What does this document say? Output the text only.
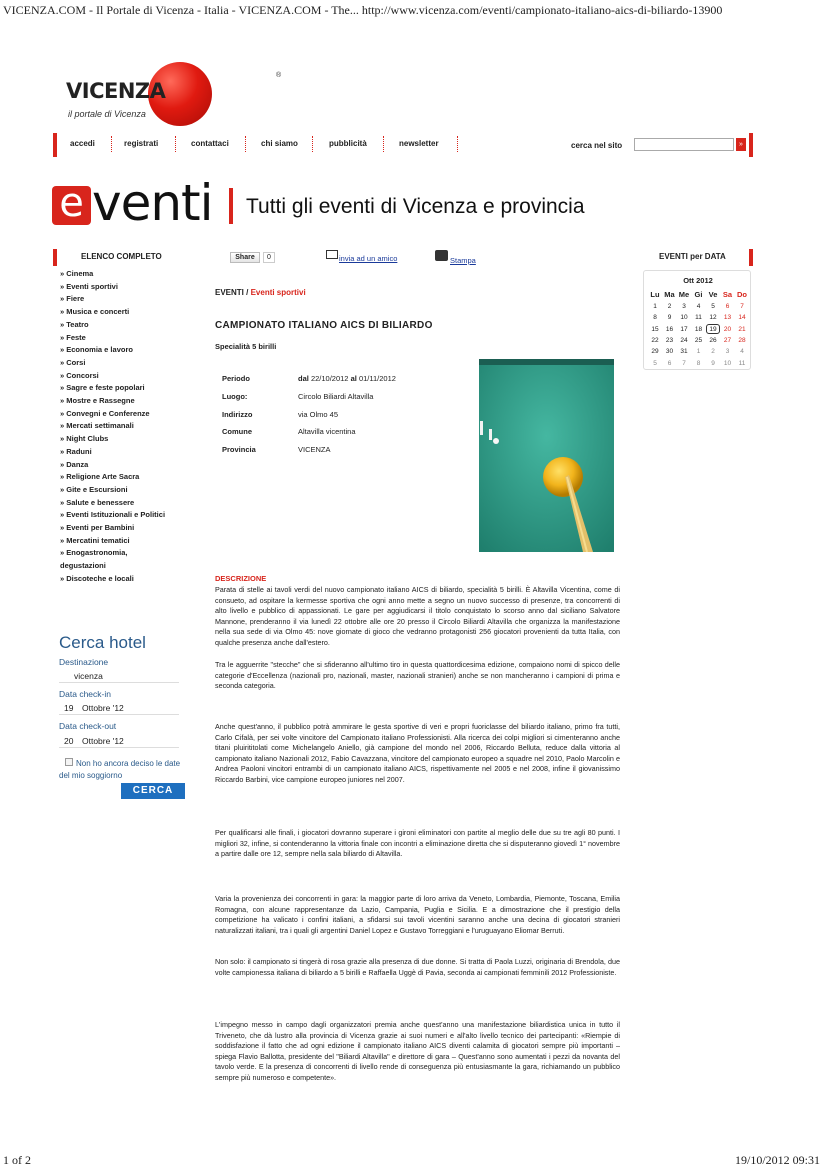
VICENZA.COM - Il Portale di Vicenza - Italia - VICENZA.COM - The... http://www.vicenza.com/eventi/campionato-italiano-aics-di-biliardo-13900
1 of 2	19/10/2012 09:31
VICENZA .COM
®
il portale di Vicenza
accedi	registrati	contattaci	chi siamo	pubblicità	newsletter	cerca nel sito	»
e venti Tutti gli eventi di Vicenza e provincia
ELENCO COMPLETO
» Cinema
» Eventi sportivi
» Fiere
» Musica e concerti
» Teatro
» Feste
» Economia e lavoro
» Corsi
» Concorsi
» Sagre e feste popolari
» Mostre e Rassegne
» Convegni e Conferenze
» Mercati settimanali
» Night Clubs
» Raduni
» Danza
» Religione Arte Sacra
» Gite e Escursioni
» Salute e benessere
» Eventi Istituzionali e Politici
» Eventi per Bambini
» Mercatini tematici
» Enogastronomia,
degustazioni
» Discoteche e locali
Cerca hotel
Destinazione
vicenza
Data check-in
19 Ottobre '12
Data check-out
20 Ottobre '12
Non ho ancora deciso le date del mio soggiorno
CERCA
EVENTI per DATA
Ott 2012
Lu Ma Me Gi Ve Sa Do
1	2	3	4	5	6	7
8	9	10	11	12	13	14
15	16	17	18	19	20	21
22	23	24	25	26	27	28
29	30	31	1	2	3	4
5	6	7	8	9	10	11
Share	0	invia ad un amico	Stampa
EVENTI / Eventi sportivi
CAMPIONATO ITALIANO AICS DI BILIARDO
Specialità 5 birilli
Periodo	dal 22/10/2012 al 01/11/2012
Luogo:	Circolo Biliardi Altavilla
Indirizzo	via Olmo 45
Comune	Altavilla vicentina
Provincia	VICENZA
DESCRIZIONE

Parata di stelle ai tavoli verdi del nuovo campionato italiano AICS di biliardo, specialità 5 birilli. È Altavilla Vicentina, come di consueto, ad ospitare la kermesse sportiva che ogni anno mette a segno un nuovo successo di presenze, tra concorrenti di alto livello e pubblico di appassionati. Le gare per aggiudicarsi il titolo conquistato lo scorso anno dal siciliano Salvatore Mannone, prenderanno il via lunedì 22 ottobre alle ore 20 presso il Circolo Biliardi Altavilla che organizza la manifestazione nella sua sede di via Olmo 45: nove giornate di gioco che vedranno protagonisti 256 giocatori provenienti da tutta Italia, con qualche presenza anche dall'estero.

Tra le agguerrite "stecche" che si sfideranno all'ultimo tiro in questa quattordicesima edizione, compaiono nomi di spicco delle categorie d'Eccellenza (nazionali pro, nazionali, master, nazionali stranieri) anche se non mancheranno i campioni di prima e seconda categoria.

Anche quest'anno, il pubblico potrà ammirare le gesta sportive di veri e propri fuoriclasse del biliardo italiano, primo fra tutti, Carlo Cifalà, per sei volte vincitore del Campionato italiano Professionisti. Alla ricerca dei colpi migliori si cimenteranno anche titani pluirititolati come Michelangelo Aniello, già campione del mondo nel 2006, Riccardo Belluta, reduce dalla vittoria al campionato italiano Nazionali 2012, Fabio Cavazzana, vincitore del campionato europeo a squadre nel 2010, Paolo Marcolin e Andrea Paoloni vincitori entrambi di un campionato italiano AICS, rispettivamente nel 2005 e nel 2008, infine il giovanissimo Riccardo Barbini, vice campione europeo juniores nel 2007.

Per qualificarsi alle finali, i giocatori dovranno superare i gironi eliminatori con partite al meglio delle due su tre agli 80 punti. I migliori 32, infine, si contenderanno la vittoria finale con incontri a eliminazione diretta che si disputeranno giovedì 1° novembre a partire dalle ore 12, sempre nella sala biliardo di Altavilla.

Varia la provenienza dei concorrenti in gara: la maggior parte di loro arriva da Veneto, Lombardia, Piemonte, Toscana, Emilia Romagna, con alcune rappresentanze da Lazio, Campania, Puglia e Sicilia. E a dimostrazione che il prestigio della competizione ha valicato i confini italiani, a sfidarsi sui tavoli vicentini saranno anche una decina di giocatori stranieri naturalizzati italiani, tra i quali gli argentini Daniel Lopez e Gustavo Torreggiani e l'uruguayano Eliomar Berruti.

Non solo: il campionato si tingerà di rosa grazie alla presenza di due donne. Si tratta di Paola Luzzi, originaria di Brendola, due volte campionessa italiana di biliardo a 5 birilli e Raffaella Uggè di Pavia, seconda ai campionati femminili 2012 Professioniste.

L'impegno messo in campo dagli organizzatori premia anche quest'anno una manifestazione biliardistica unica in tutto il Triveneto, che dà lustro alla provincia di Vicenza grazie ai suoi numeri e all'alto livello tecnico dei partecipanti: «Riempie di soddisfazione il fatto che ad ogni edizione il campionato italiano AICS diventi calamita di giocatori sempre più importanti – spiega Flavio Ballotta, presidente del "Biliardi Altavilla" e direttore di gara – Quest'anno sono aumentati i pezzi da novanta del tavolo verde. E la presenza di concorrenti di livello rende di conseguenza più entusiasmante la gara, richiamando un pubblico sempre più numeroso e competente».
